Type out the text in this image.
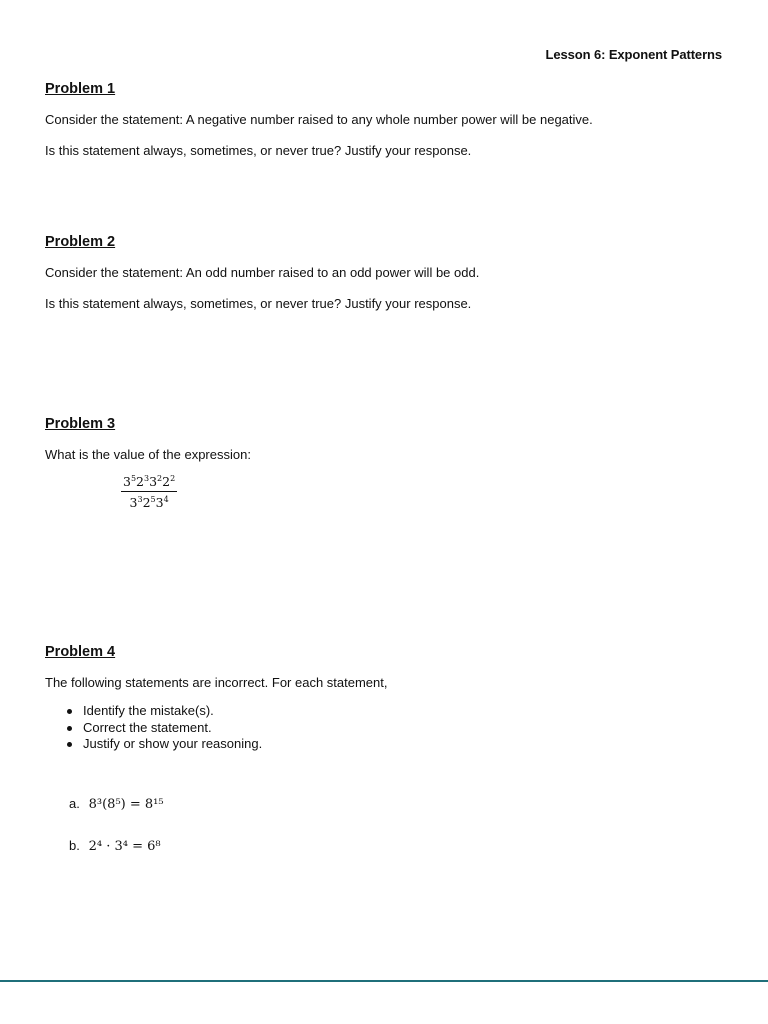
Lesson 6: Exponent Patterns
Problem 1

Consider the statement: A negative number raised to any whole number power will be negative.

Is this statement always, sometimes, or never true? Justify your response.

Problem 2

Consider the statement: An odd number raised to an odd power will be odd.

Is this statement always, sometimes, or never true? Justify your response.

Problem 3

What is the value of the expression:

$3^52^33^22^2$
$3^32^53^4$
Problem 4

The following statements are incorrect. For each statement,

Identify the mistake(s).
Correct the statement.
Justify or show your reasoning.
a. 8³(8⁵) = 8¹⁵
b. 2⁴ · 3⁴ = 6⁸
